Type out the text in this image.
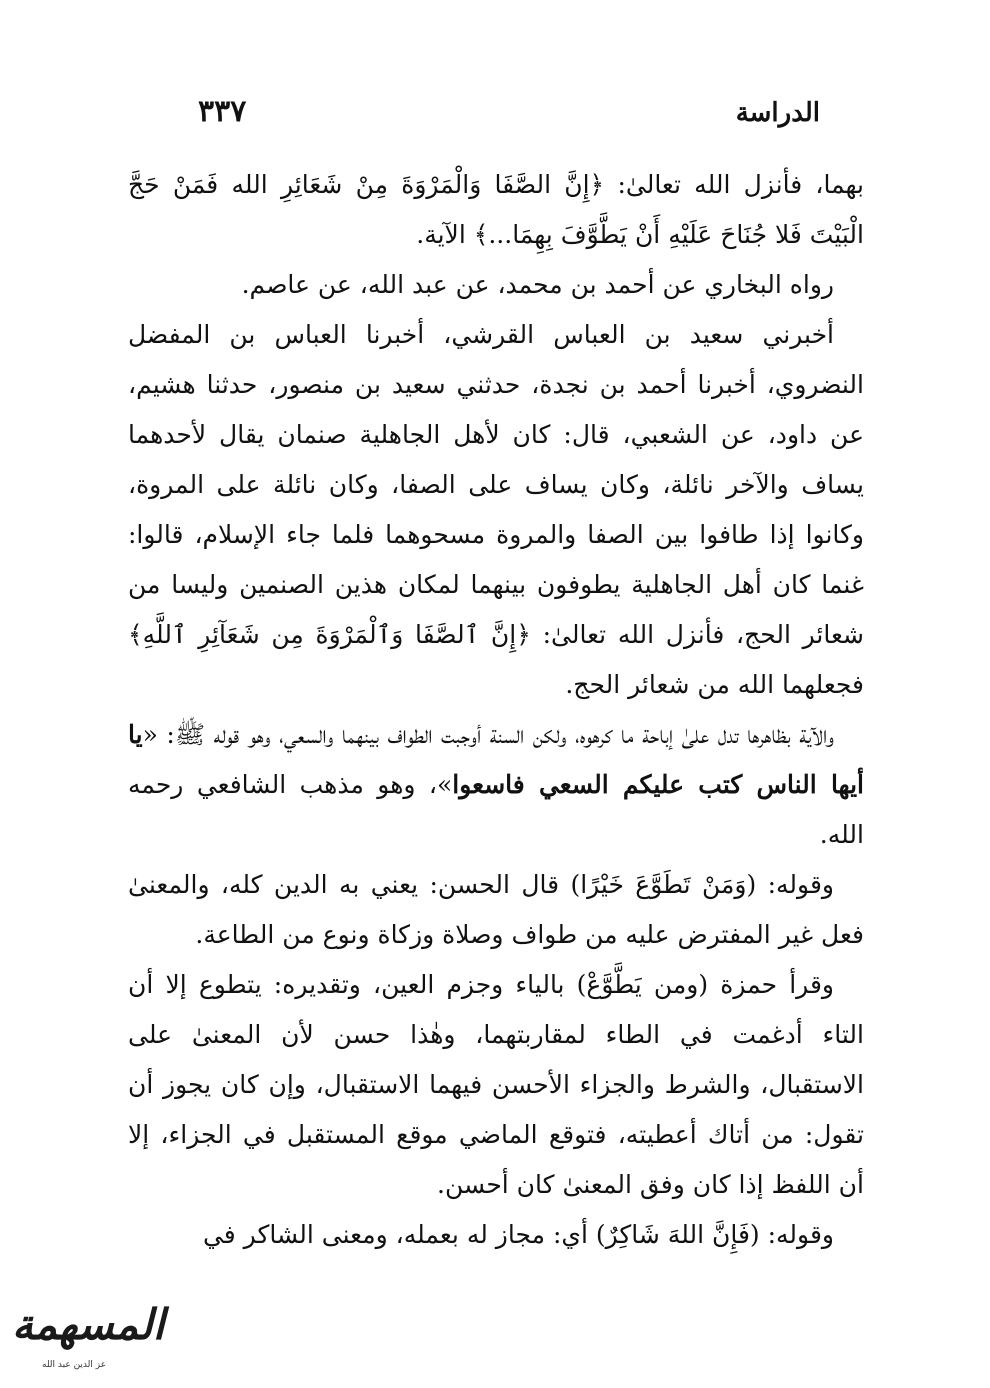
الدراسة
٣٣٧

بهما، فأنزل الله تعالىٰ: ﴿إِنَّ الصَّفَا وَالْمَرْوَةَ مِنْ شَعَائِرِ الله فَمَنْ حَجَّ الْبَيْتَ فَلا جُنَاحَ عَلَيْهِ أَنْ يَطَّوَّفَ بِهِمَا...﴾ الآية.

رواه البخاري عن أحمد بن محمد، عن عبد الله، عن عاصم.

أخبرني سعيد بن العباس القرشي، أخبرنا العباس بن المفضل النضروي، أخبرنا أحمد بن نجدة، حدثني سعيد بن منصور، حدثنا هشيم، عن داود، عن الشعبي، قال: كان لأهل الجاهلية صنمان يقال لأحدهما يساف والآخر نائلة، وكان يساف على الصفا، وكان نائلة على المروة، وكانوا إذا طافوا بين الصفا والمروة مسحوهما فلما جاء الإسلام، قالوا: غنما كان أهل الجاهلية يطوفون بينهما لمكان هذين الصنمين وليسا من شعائر الحج، فأنزل الله تعالىٰ: ﴿إِنَّ ٱلصَّفَا وَٱلْمَرْوَةَ مِن شَعَآئِرِ ٱللَّهِ﴾ فجعلهما الله من شعائر الحج.

والآية بظاهرها تدل علىٰ إباحة ما كرهوه، ولكن السنة أوجبت الطواف بينهما والسعي، وهو قوله ﷺ: «يا أيها الناس كتب عليكم السعي فاسعوا»، وهو مذهب الشافعي رحمه الله.

وقوله: (وَمَنْ تَطَوَّعَ خَيْرًا) قال الحسن: يعني به الدين كله، والمعنىٰ فعل غير المفترض عليه من طواف وصلاة وزكاة ونوع من الطاعة.

وقرأ حمزة (ومن يَطَّوَّعْ) بالياء وجزم العين، وتقديره: يتطوع إلا أن التاء أدغمت في الطاء لمقاربتهما، وهٰذا حسن لأن المعنىٰ على الاستقبال، والشرط والجزاء الأحسن فيهما الاستقبال، وإن كان يجوز أن تقول: من أتاك أعطيته، فتوقع الماضي موقع المستقبل في الجزاء، إلا أن اللفظ إذا كان وفق المعنىٰ كان أحسن.

وقوله: (فَإِنَّ اللهَ شَاكِرٌ) أي: مجاز له بعمله، ومعنى الشاكر في

المسهمة
عز الدين عبد الله
